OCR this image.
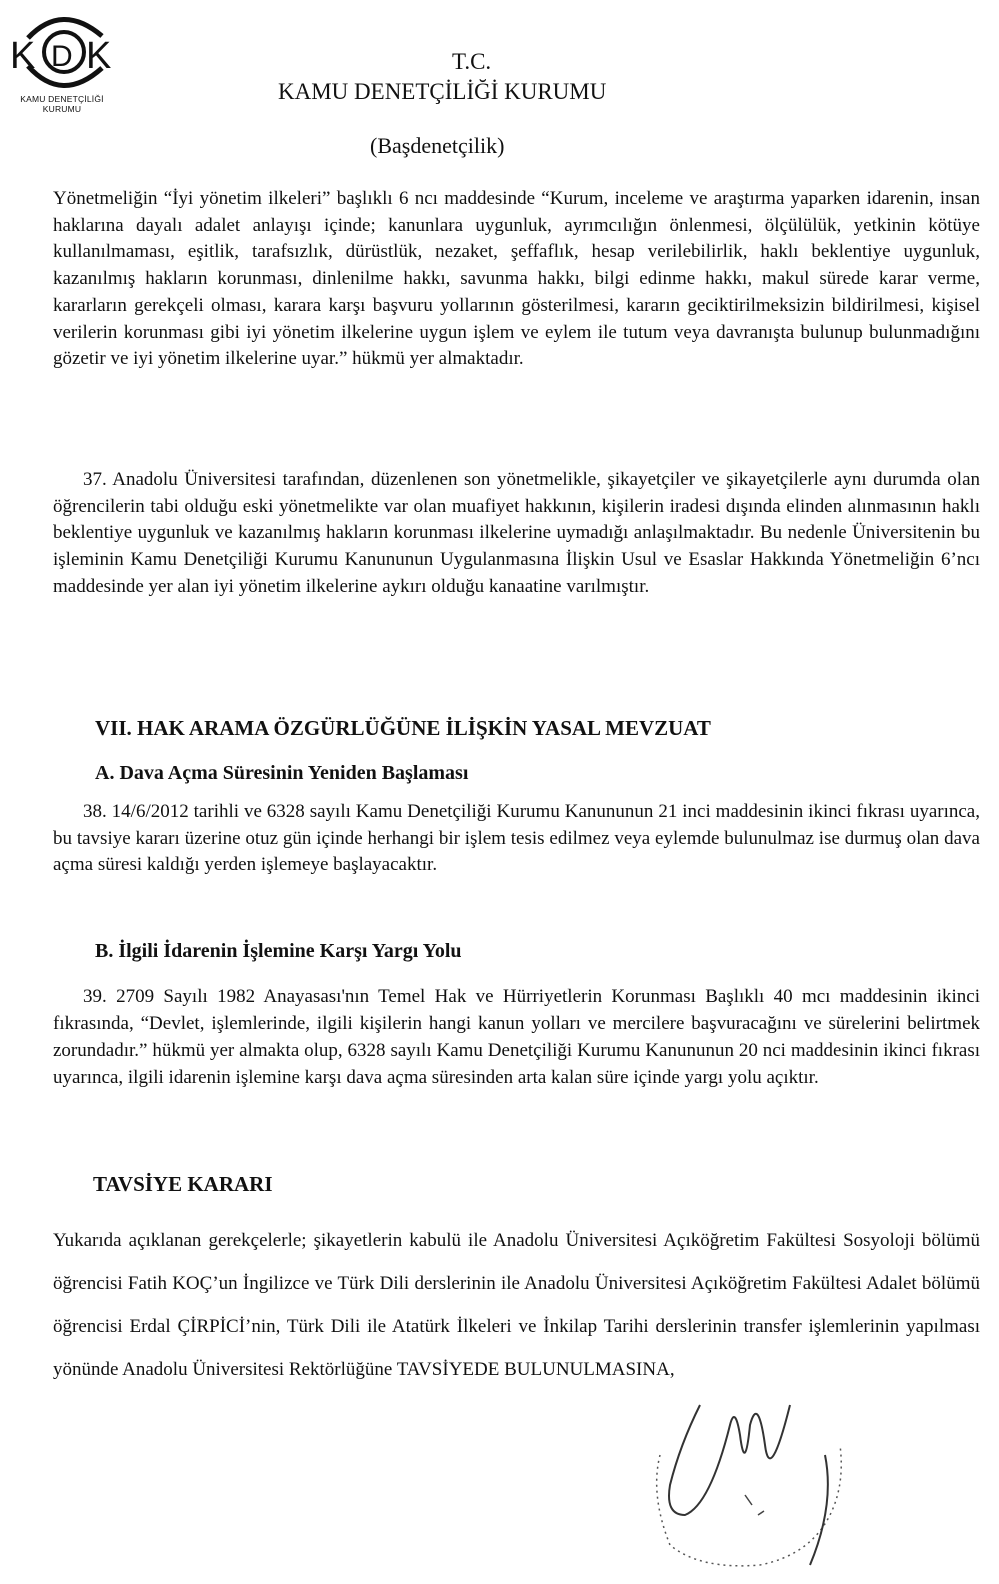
K D K
KAMU DENETÇİLİĞİ
KURUMU
T.C.
KAMU DENETÇİLİĞİ KURUMU
(Başdenetçilik)

Yönetmeliğin “İyi yönetim ilkeleri” başlıklı 6 ncı maddesinde “Kurum, inceleme ve araştırma yaparken idarenin, insan haklarına dayalı adalet anlayışı içinde; kanunlara uygunluk, ayrımcılığın önlenmesi, ölçülülük, yetkinin kötüye kullanılmaması, eşitlik, tarafsızlık, dürüstlük, nezaket, şeffaflık, hesap verilebilirlik, haklı beklentiye uygunluk, kazanılmış hakların korunması, dinlenilme hakkı, savunma hakkı, bilgi edinme hakkı, makul sürede karar verme, kararların gerekçeli olması, karara karşı başvuru yollarının gösterilmesi, kararın geciktirilmeksizin bildirilmesi, kişisel verilerin korunması gibi iyi yönetim ilkelerine uygun işlem ve eylem ile tutum veya davranışta bulunup bulunmadığını gözetir ve iyi yönetim ilkelerine uyar.” hükmü yer almaktadır.

37. Anadolu Üniversitesi tarafından, düzenlenen son yönetmelikle, şikayetçiler ve şikayetçilerle aynı durumda olan öğrencilerin tabi olduğu eski yönetmelikte var olan muafiyet hakkının, kişilerin iradesi dışında elinden alınmasının haklı beklentiye uygunluk ve kazanılmış hakların korunması ilkelerine uymadığı anlaşılmaktadır. Bu nedenle Üniversitenin bu işleminin Kamu Denetçiliği Kurumu Kanununun Uygulanmasına İlişkin Usul ve Esaslar Hakkında Yönetmeliğin 6’ncı maddesinde yer alan iyi yönetim ilkelerine aykırı olduğu kanaatine varılmıştır.

VII. HAK ARAMA ÖZGÜRLÜĞÜNE İLİŞKİN YASAL MEVZUAT
A. Dava Açma Süresinin Yeniden Başlaması

38. 14/6/2012 tarihli ve 6328 sayılı Kamu Denetçiliği Kurumu Kanununun 21 inci maddesinin ikinci fıkrası uyarınca, bu tavsiye kararı üzerine otuz gün içinde herhangi bir işlem tesis edilmez veya eylemde bulunulmaz ise durmuş olan dava açma süresi kaldığı yerden işlemeye başlayacaktır.

B. İlgili İdarenin İşlemine Karşı Yargı Yolu

39. 2709 Sayılı 1982 Anayasası'nın Temel Hak ve Hürriyetlerin Korunması Başlıklı 40 mcı maddesinin ikinci fıkrasında, “Devlet, işlemlerinde, ilgili kişilerin hangi kanun yolları ve mercilere başvuracağını ve sürelerini belirtmek zorundadır.” hükmü yer almakta olup, 6328 sayılı Kamu Denetçiliği Kurumu Kanununun 20 nci maddesinin ikinci fıkrası uyarınca, ilgili idarenin işlemine karşı dava açma süresinden arta kalan süre içinde yargı yolu açıktır.

TAVSİYE KARARI

Yukarıda açıklanan gerekçelerle; şikayetlerin kabulü ile Anadolu Üniversitesi Açıköğretim Fakültesi Sosyoloji bölümü öğrencisi Fatih KOÇ’un İngilizce ve Türk Dili derslerinin ile Anadolu Üniversitesi Açıköğretim Fakültesi Adalet bölümü öğrencisi Erdal ÇİRPİCİ’nin, Türk Dili ile Atatürk İlkeleri ve İnkilap Tarihi derslerinin transfer işlemlerinin yapılması yönünde Anadolu Üniversitesi Rektörlüğüne TAVSİYEDE BULUNULMASINA,
